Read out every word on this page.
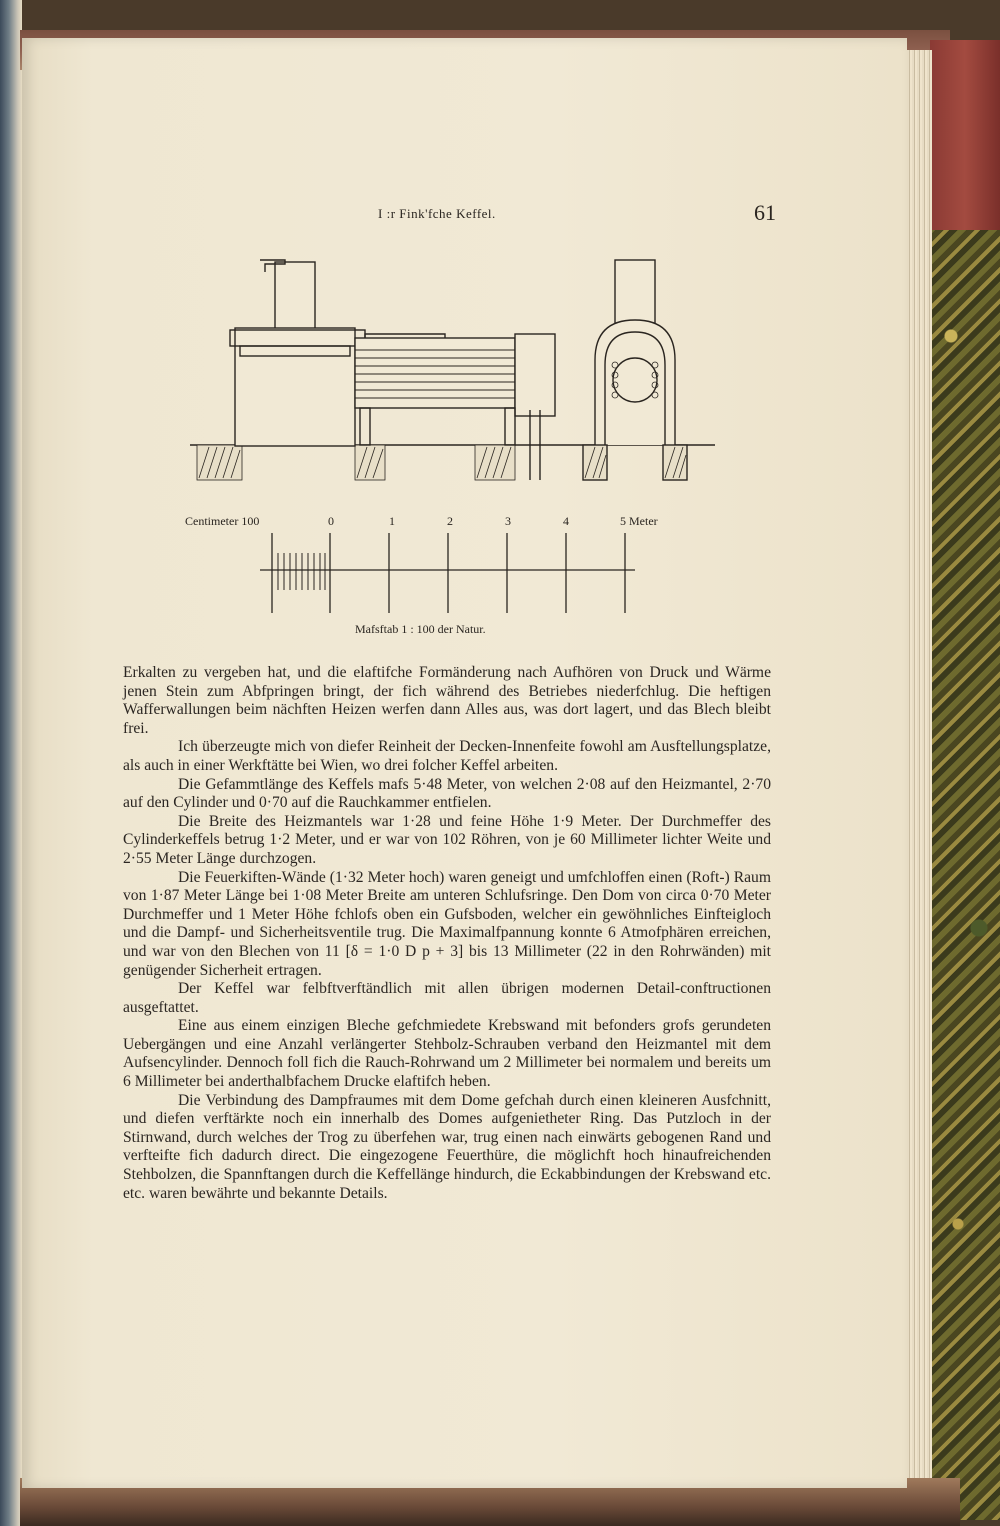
I :r Fink'fche Keffel.	61
Centimeter 100	0	1	2	3	4	5 Meter
Mafsftab 1 : 100 der Natur.

Erkalten zu vergeben hat, und die elaftifche Formänderung nach Aufhören von Druck und Wärme jenen Stein zum Abfpringen bringt, der fich während des Betriebes niederfchlug. Die heftigen Wafferwallungen beim nächften Heizen werfen dann Alles aus, was dort lagert, und das Blech bleibt frei.

Ich überzeugte mich von diefer Reinheit der Decken-Innenfeite fowohl am Ausftellungsplatze, als auch in einer Werkftätte bei Wien, wo drei folcher Keffel arbeiten.

Die Gefammtlänge des Keffels mafs 5·48 Meter, von welchen 2·08 auf den Heizmantel, 2·70 auf den Cylinder und 0·70 auf die Rauchkammer entfielen.

Die Breite des Heizmantels war 1·28 und feine Höhe 1·9 Meter. Der Durchmeffer des Cylinderkeffels betrug 1·2 Meter, und er war von 102 Röhren, von je 60 Millimeter lichter Weite und 2·55 Meter Länge durchzogen.

Die Feuerkiften-Wände (1·32 Meter hoch) waren geneigt und umfchloffen einen (Roft-) Raum von 1·87 Meter Länge bei 1·08 Meter Breite am unteren Schlufsringe. Den Dom von circa 0·70 Meter Durchmeffer und 1 Meter Höhe fchlofs oben ein Gufsboden, welcher ein gewöhnliches Einfteigloch und die Dampf- und Sicherheitsventile trug. Die Maximalfpannung konnte 6 Atmofphären erreichen, und war von den Blechen von 11 [δ = 1·0 D p + 3] bis 13 Millimeter (22 in den Rohrwänden) mit genügender Sicherheit ertragen.

Der Keffel war felbftverftändlich mit allen übrigen modernen Detail-conftructionen ausgeftattet.

Eine aus einem einzigen Bleche gefchmiedete Krebswand mit befonders grofs gerundeten Uebergängen und eine Anzahl verlängerter Stehbolz-Schrauben verband den Heizmantel mit dem Aufsencylinder. Dennoch foll fich die Rauch-Rohrwand um 2 Millimeter bei normalem und bereits um 6 Millimeter bei anderthalbfachem Drucke elaftifch heben.

Die Verbindung des Dampfraumes mit dem Dome gefchah durch einen kleineren Ausfchnitt, und diefen verftärkte noch ein innerhalb des Domes aufgenietheter Ring. Das Putzloch in der Stirnwand, durch welches der Trog zu überfehen war, trug einen nach einwärts gebogenen Rand und verfteifte fich dadurch direct. Die eingezogene Feuerthüre, die möglichft hoch hinaufreichenden Stehbolzen, die Spannftangen durch die Keffellänge hindurch, die Eckabbindungen der Krebswand etc. etc. waren bewährte und bekannte Details.
